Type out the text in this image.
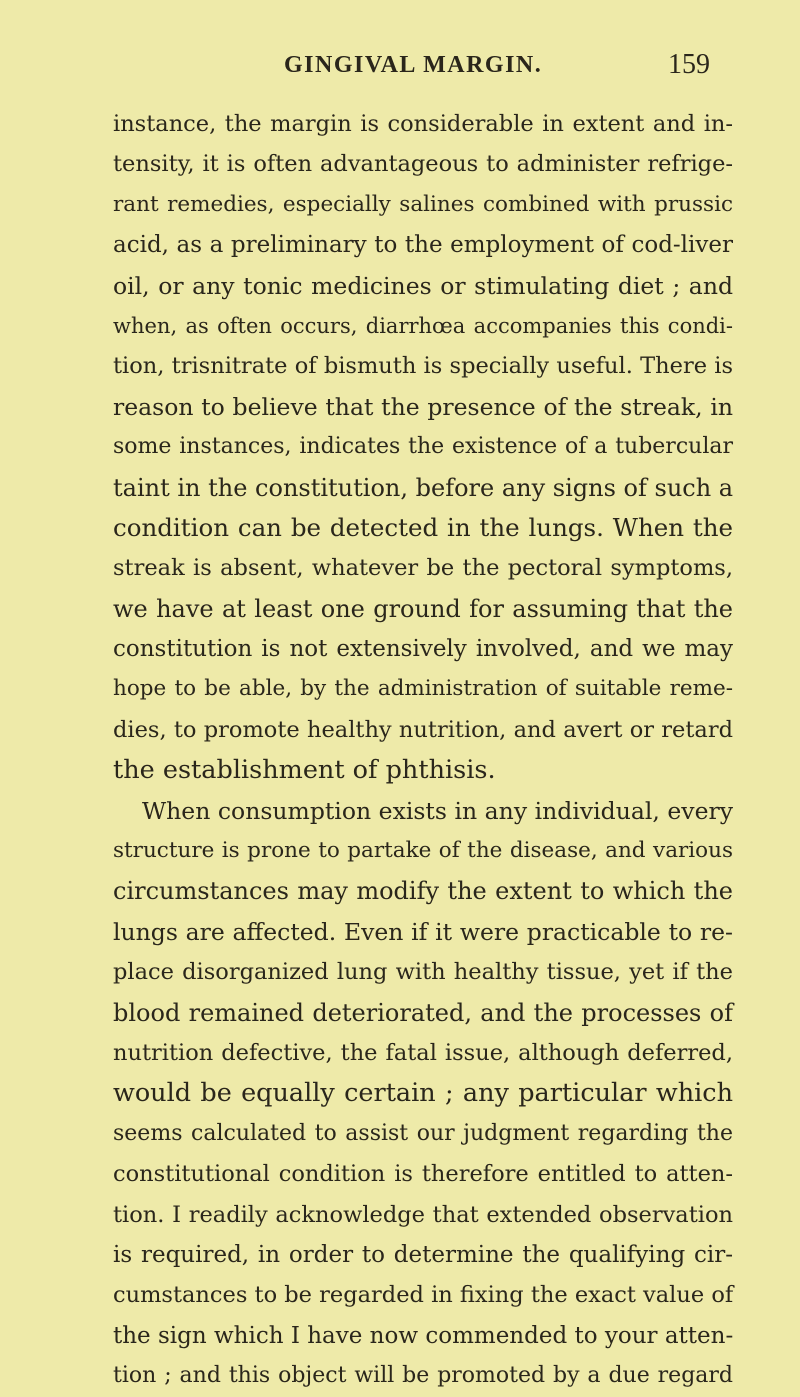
GINGIVAL MARGIN.	159
instance, the margin is considerable in extent and in-
tensity, it is often advantageous to administer refrige-
rant remedies, especially salines combined with prussic
acid, as a preliminary to the employment of cod-liver
oil, or any tonic medicines or stimulating diet ; and
when, as often occurs, diarrhœa accompanies this condi-
tion, trisnitrate of bismuth is specially useful. There is
reason to believe that the presence of the streak, in
some instances, indicates the existence of a tubercular
taint in the constitution, before any signs of such a
condition can be detected in the lungs. When the
streak is absent, whatever be the pectoral symptoms,
we have at least one ground for assuming that the
constitution is not extensively involved, and we may
hope to be able, by the administration of suitable reme-
dies, to promote healthy nutrition, and avert or retard
the establishment of phthisis.
When consumption exists in any individual, every
structure is prone to partake of the disease, and various
circumstances may modify the extent to which the
lungs are affected. Even if it were practicable to re-
place disorganized lung with healthy tissue, yet if the
blood remained deteriorated, and the processes of
nutrition defective, the fatal issue, although deferred,
would be equally certain ; any particular which
seems calculated to assist our judgment regarding the
constitutional condition is therefore entitled to atten-
tion. I readily acknowledge that extended observation
is required, in order to determine the qualifying cir-
cumstances to be regarded in fixing the exact value of
the sign which I have now commended to your atten-
tion ; and this object will be promoted by a due regard
